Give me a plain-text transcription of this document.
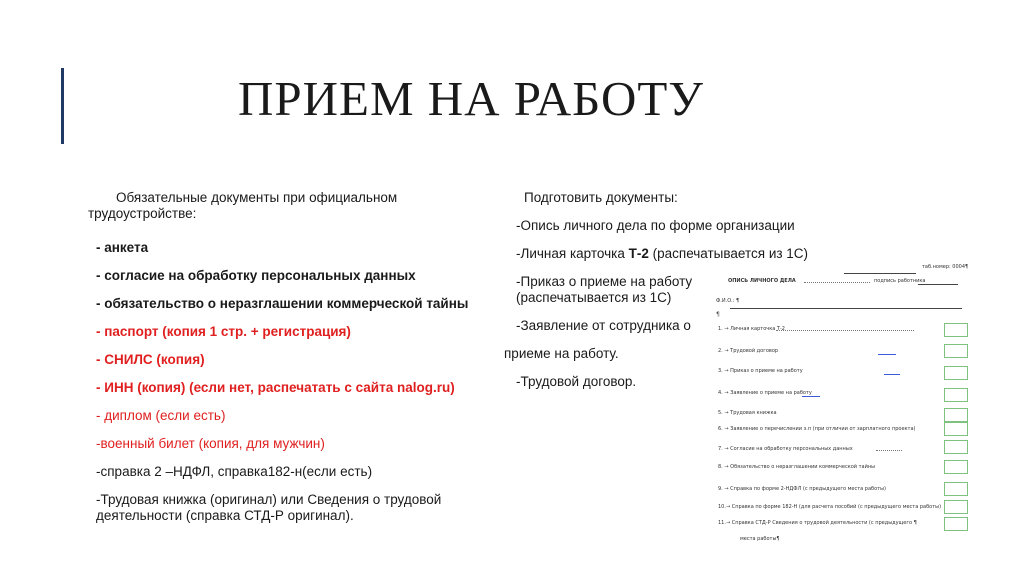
ПРИЕМ НА РАБОТУ

Обязательные документы при официальном трудоустройстве:

- анкета

- согласие на обработку персональных данных

- обязательство о неразглашении коммерческой тайны

- паспорт (копия 1 стр. + регистрация)

- СНИЛС (копия)

- ИНН (копия) (если нет, распечатать с сайта nalog.ru)

- диплом (если есть)

-военный билет (копия, для мужчин)

-справка 2 –НДФЛ, справка182-н(если есть)

-Трудовая книжка (оригинал) или Сведения о трудовой деятельности (справка СТД-Р оригинал).

Подготовить документы:

-Опись личного дела по форме организации

-Личная карточка Т-2 (распечатывается из 1С)

-Приказ о приеме на работу

(распечатывается из 1С)

-Заявление от сотрудника о

приеме на работу.

-Трудовой договор.

таб.номер: 0004¶
ОПИСЬ ЛИЧНОГО ДЕЛА	подпись работника
Ф.И.О.: ¶
¶
1. → Личная карточка Т-2
2. → Трудовой договор
3. → Приказ о приеме на работу
4. → Заявление о приеме на работу
5. → Трудовая книжка
6. → Заявление о перечислении з.п (при отличии от зарплатного проекта)
7. → Согласие на обработку персональных данных
8. → Обязательство о неразглашении коммерческой тайны
9. → Справка по форме 2-НДФЛ (с предыдущего места работы)
10.→ Справка по форме 182-Н (для расчета пособий (с предыдущего места работы)
11.→ Справка СТД-Р Сведения о трудовой деятельности (с предыдущего ¶
места работы¶
